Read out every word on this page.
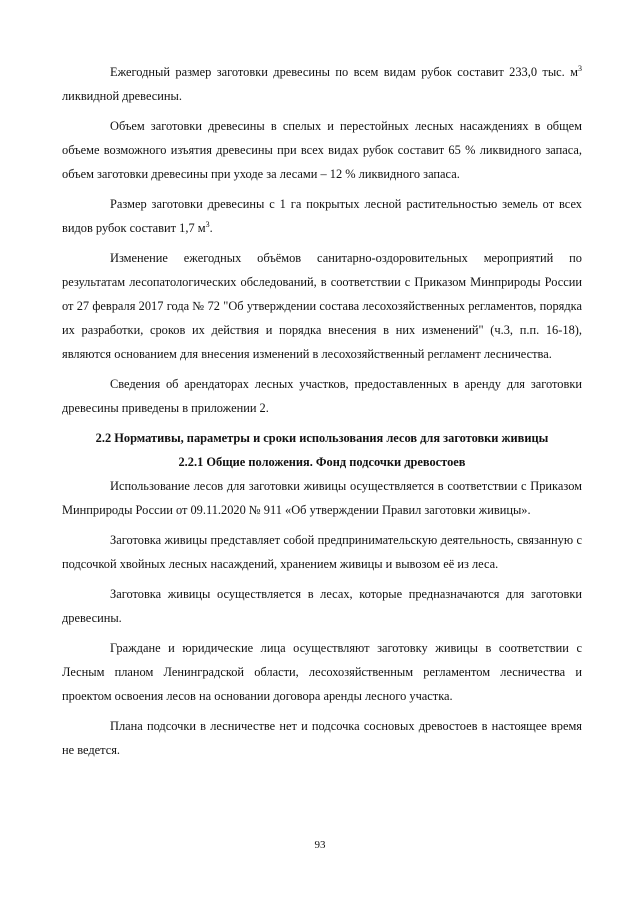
Ежегодный размер заготовки древесины по всем видам рубок составит 233,0 тыс. $м^3$ ликвидной древесины.

Объем заготовки древесины в спелых и перестойных лесных насаждениях в общем объеме возможного изъятия древесины при всех видах рубок составит 65 % ликвидного запаса, объем заготовки древесины при уходе за лесами – 12 % ликвидного запаса.

Размер заготовки древесины с 1 га покрытых лесной растительностью земель от всех видов рубок составит 1,7 $м^3$.

Изменение ежегодных объёмов санитарно-оздоровительных мероприятий по результатам лесопатологических обследований, в соответствии с Приказом Минприроды России от 27 февраля 2017 года № 72 "Об утверждении состава лесохозяйственных регламентов, порядка их разработки, сроков их действия и порядка внесения в них изменений" (ч.3, п.п. 16-18), являются основанием для внесения изменений в лесохозяйственный регламент лесничества.

Сведения об арендаторах лесных участков, предоставленных в аренду для заготовки древесины приведены в приложении 2.

2.2 Нормативы, параметры и сроки использования лесов для заготовки живицы

2.2.1 Общие положения. Фонд подсочки древостоев

Использование лесов для заготовки живицы осуществляется в соответствии с Приказом Минприроды России от 09.11.2020 № 911 «Об утверждении Правил заготовки живицы».

Заготовка живицы представляет собой предпринимательскую деятельность, связанную с подсочкой хвойных лесных насаждений, хранением живицы и вывозом её из леса.

Заготовка живицы осуществляется в лесах, которые предназначаются для заготовки древесины.

Граждане и юридические лица осуществляют заготовку живицы в соответствии с Лесным планом Ленинградской области, лесохозяйственным регламентом лесничества и проектом освоения лесов на основании договора аренды лесного участка.

Плана подсочки в лесничестве нет и подсочка сосновых древостоев в настоящее время не ведется.

93
